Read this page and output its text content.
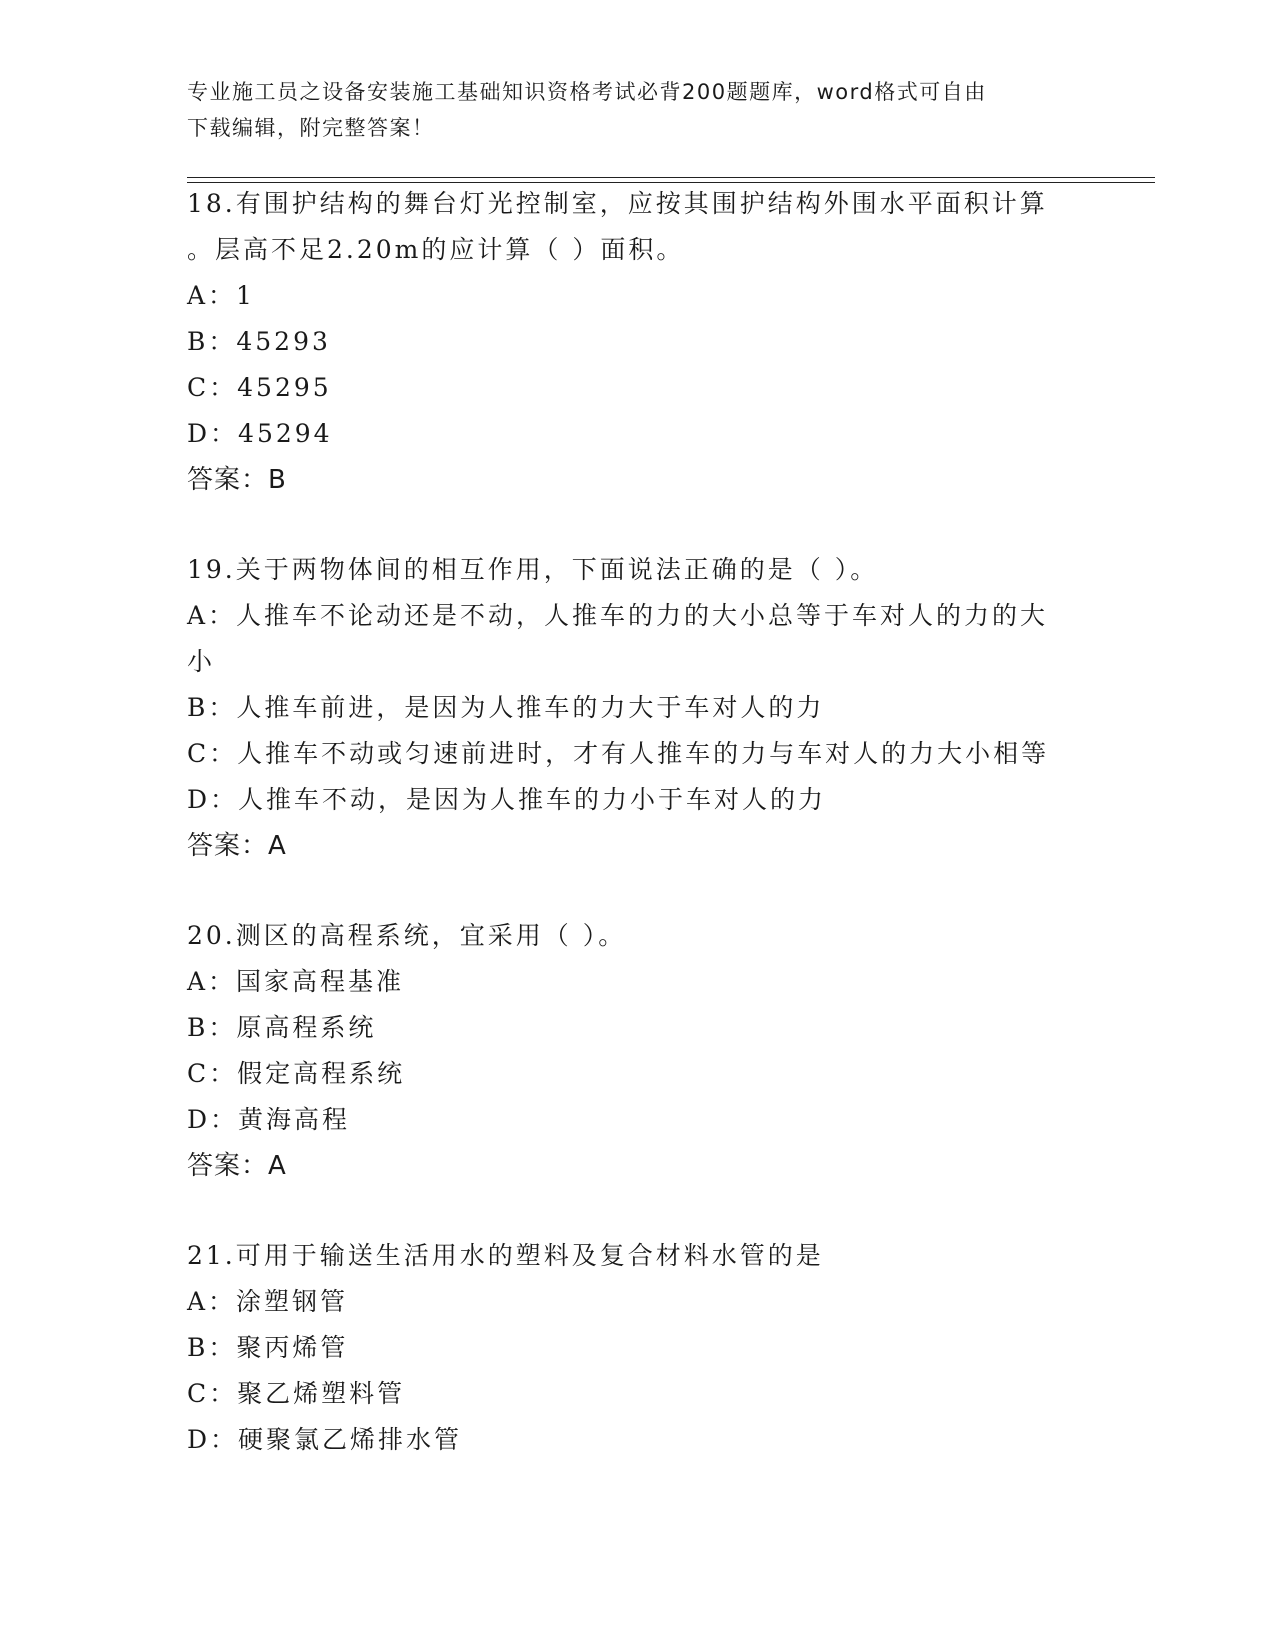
专业施工员之设备安装施工基础知识资格考试必背200题题库，word格式可自由
下载编辑，附完整答案！
18.有围护结构的舞台灯光控制室，应按其围护结构外围水平面积计算
。层高不足2.20m的应计算（ ）面积。
A：1
B：45293
C：45295
D：45294
答案：B
19.关于两物体间的相互作用，下面说法正确的是（ ）。
A：人推车不论动还是不动，人推车的力的大小总等于车对人的力的大
小
B：人推车前进，是因为人推车的力大于车对人的力
C：人推车不动或匀速前进时，才有人推车的力与车对人的力大小相等
D：人推车不动，是因为人推车的力小于车对人的力
答案：A
20.测区的高程系统，宜采用（ ）。
A：国家高程基准
B：原高程系统
C：假定高程系统
D：黄海高程
答案：A
21.可用于输送生活用水的塑料及复合材料水管的是
A：涂塑钢管
B：聚丙烯管
C：聚乙烯塑料管
D：硬聚氯乙烯排水管
